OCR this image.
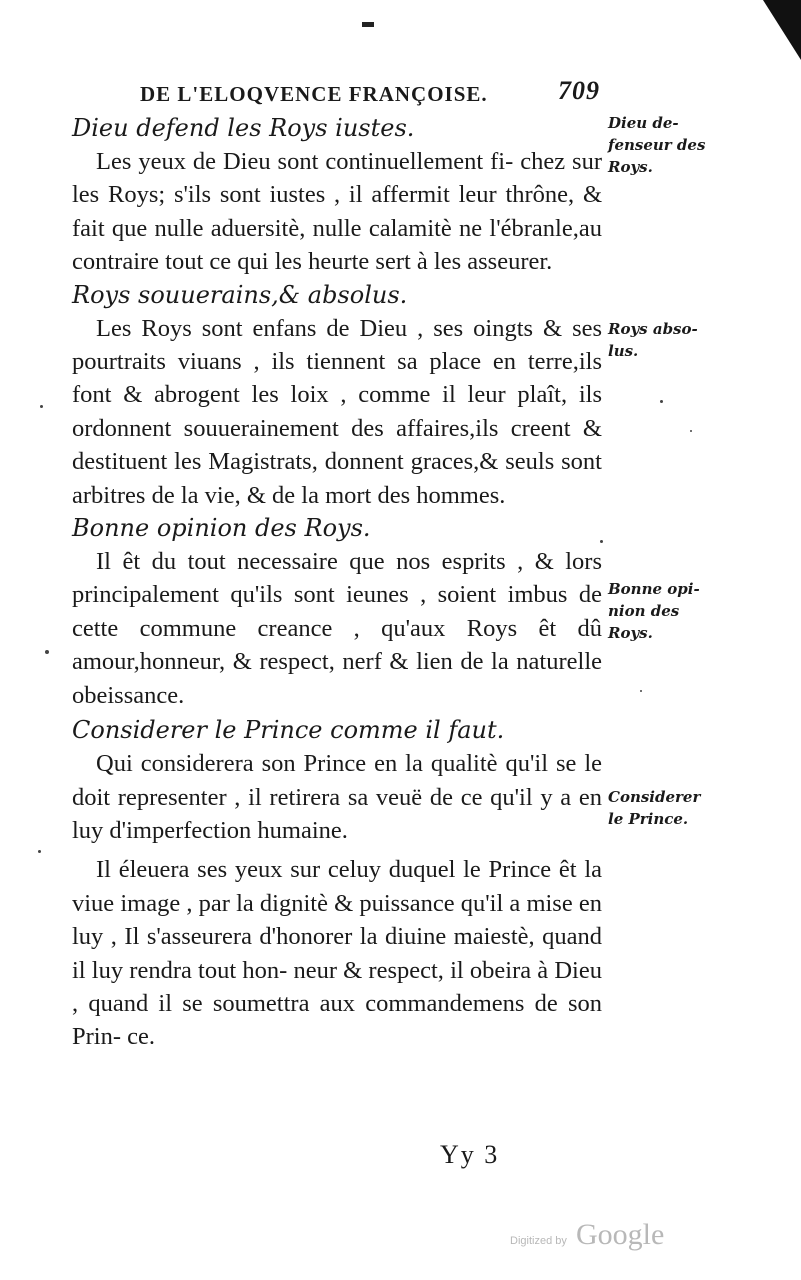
DE L'ELOQVENCE FRANÇOISE.	709

Dieu defend les Roys iustes.

Les yeux de Dieu sont continuellement fi- chez sur les Roys; s'ils sont iustes , il affermit leur thrône, & fait que nulle aduersitè, nulle calamitè ne l'ébranle,au contraire tout ce qui les heurte sert à les asseurer.

Roys souuerains,& absolus.

Les Roys sont enfans de Dieu , ses oingts & ses pourtraits viuans , ils tiennent sa place en terre,ils font & abrogent les loix , comme il leur plaît, ils ordonnent souuerainement des affaires,ils creent & destituent les Magistrats, donnent graces,& seuls sont arbitres de la vie, & de la mort des hommes.

Bonne opinion des Roys.

Il êt du tout necessaire que nos esprits , & lors principalement qu'ils sont ieunes , soient imbus de cette commune creance , qu'aux Roys êt dû amour,honneur, & respect, nerf & lien de la naturelle obeissance.

Considerer le Prince comme il faut.

Qui considerera son Prince en la qualitè qu'il se le doit representer , il retirera sa veuë de ce qu'il y a en luy d'imperfection humaine.

Il éleuera ses yeux sur celuy duquel le Prince êt la viue image , par la dignitè & puissance qu'il a mise en luy , Il s'asseurera d'honorer la diuine maiestè, quand il luy rendra tout hon- neur & respect, il obeira à Dieu , quand il se soumettra aux commandemens de son Prin- ce.

Dieu de-
fenseur des
Roys.
Roys abso-
lus.
Bonne opi-
nion des
Roys.
Considerer
le Prince.
Yy 3
Digitized by Google
